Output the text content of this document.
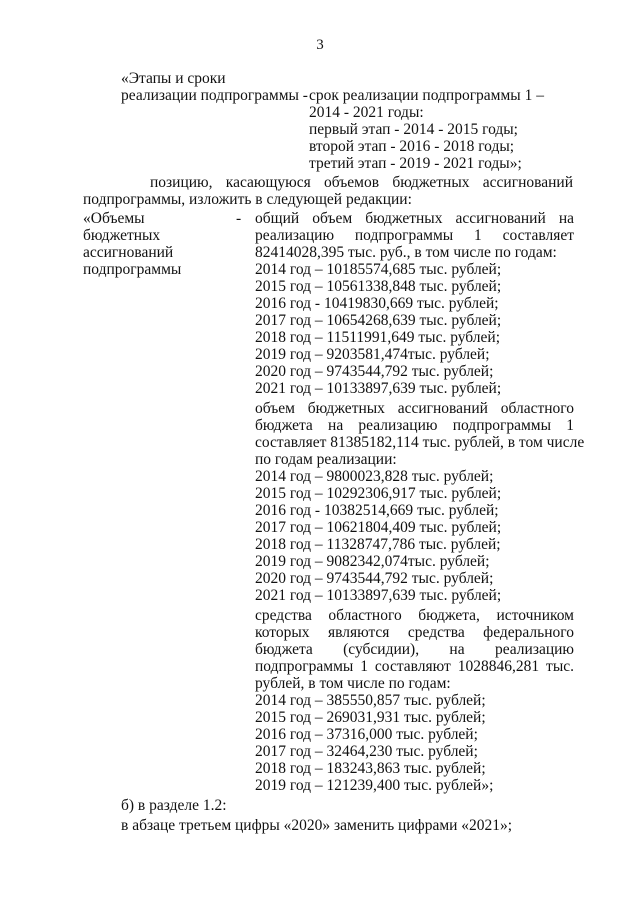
3
«Этапы и сроки
реализации подпрограммы - срок реализации подпрограммы 1 –
2014 - 2021 годы:
первый этап - 2014 - 2015 годы;
второй этап - 2016 - 2018 годы;
третий этап - 2019 - 2021 годы»;
позицию, касающуюся объемов бюджетных ассигнований
подпрограммы, изложить в следующей редакции:
«Объемы
бюджетных
ассигнований
подпрограммы
- общий объем бюджетных ассигнований на
реализацию подпрограммы 1 составляет
82414028,395 тыс. руб., в том числе по годам:
2014 год – 10185574,685 тыс. рублей;
2015 год – 10561338,848 тыс. рублей;
2016 год - 10419830,669 тыс. рублей;
2017 год – 10654268,639 тыс. рублей;
2018 год – 11511991,649 тыс. рублей;
2019 год – 9203581,474тыс. рублей;
2020 год – 9743544,792 тыс. рублей;
2021 год – 10133897,639 тыс. рублей;
объем бюджетных ассигнований областного
бюджета на реализацию подпрограммы 1
составляет 81385182,114 тыс. рублей, в том числе
по годам реализации:
2014 год – 9800023,828 тыс. рублей;
2015 год – 10292306,917 тыс. рублей;
2016 год - 10382514,669 тыс. рублей;
2017 год – 10621804,409 тыс. рублей;
2018 год – 11328747,786 тыс. рублей;
2019 год – 9082342,074тыс. рублей;
2020 год – 9743544,792 тыс. рублей;
2021 год – 10133897,639 тыс. рублей;
средства областного бюджета, источником
которых являются средства федерального
бюджета (субсидии), на реализацию
подпрограммы 1 составляют 1028846,281 тыс.
рублей, в том числе по годам:
2014 год – 385550,857 тыс. рублей;
2015 год – 269031,931 тыс. рублей;
2016 год – 37316,000 тыс. рублей;
2017 год – 32464,230 тыс. рублей;
2018 год – 183243,863 тыс. рублей;
2019 год – 121239,400 тыс. рублей»;
б) в разделе 1.2:
в абзаце третьем цифры «2020» заменить цифрами «2021»;
